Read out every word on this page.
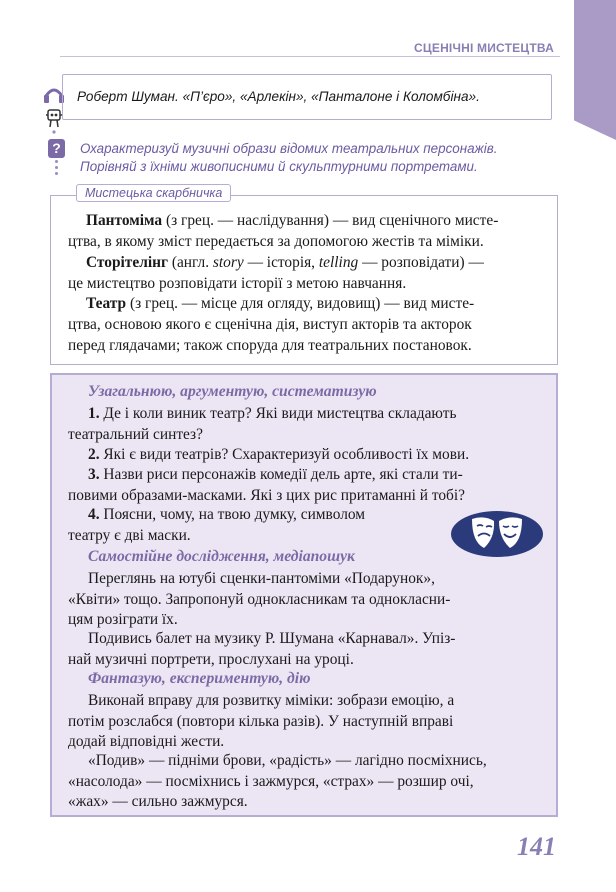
СЦЕНІЧНІ МИСТЕЦТВА
Роберт Шуман. «П’єро», «Арлекін», «Панталоне і Коломбіна».
?	Охарактеризуй музичні образи відомих театральних персонажів.
Порівняй з їхніми живописними й скульптурними портретами.
Мистецька скарбничка
Пантоміма (з грец. — наслідування) — вид сценічного мисте-
цтва, в якому зміст передається за допомогою жестів та міміки.
Сторітелінг (англ. story — історія, telling — розповідати) —
це мистецтво розповідати історії з метою навчання.
Театр (з грец. — місце для огляду, видовищ) — вид мисте-
цтва, основою якого є сценічна дія, виступ акторів та акторок
перед глядачами; також споруда для театральних постановок.
Узагальнюю, аргументую, систематизую
1. Де і коли виник театр? Які види мистецтва складають
театральний синтез?
2. Які є види театрів? Схарактеризуй особливості їх мови.
3. Назви риси персонажів комедії дель арте, які стали ти-
повими образами-масками. Які з цих рис притаманні й тобі?
4. Поясни, чому, на твою думку, символом
театру є дві маски.
Самостійне дослідження, медіапошук
Переглянь на ютубі сценки-пантоміми «Подарунок»,
«Квіти» тощо. Запропонуй однокласникам та однокласни-
цям розіграти їх.
Подивись балет на музику Р. Шумана «Карнавал». Упіз-
най музичні портрети, прослухані на уроці.
Фантазую, експериментую, дію
Виконай вправу для розвитку міміки: зобрази емоцію, а
потім розслабся (повтори кілька разів). У наступній вправі
додай відповідні жести.
«Подив» — підніми брови, «радість» — лагідно посміхнись,
«насолода» — посміхнись і зажмурся, «страх» — розшир очі,
«жах» — сильно зажмурся.
141
